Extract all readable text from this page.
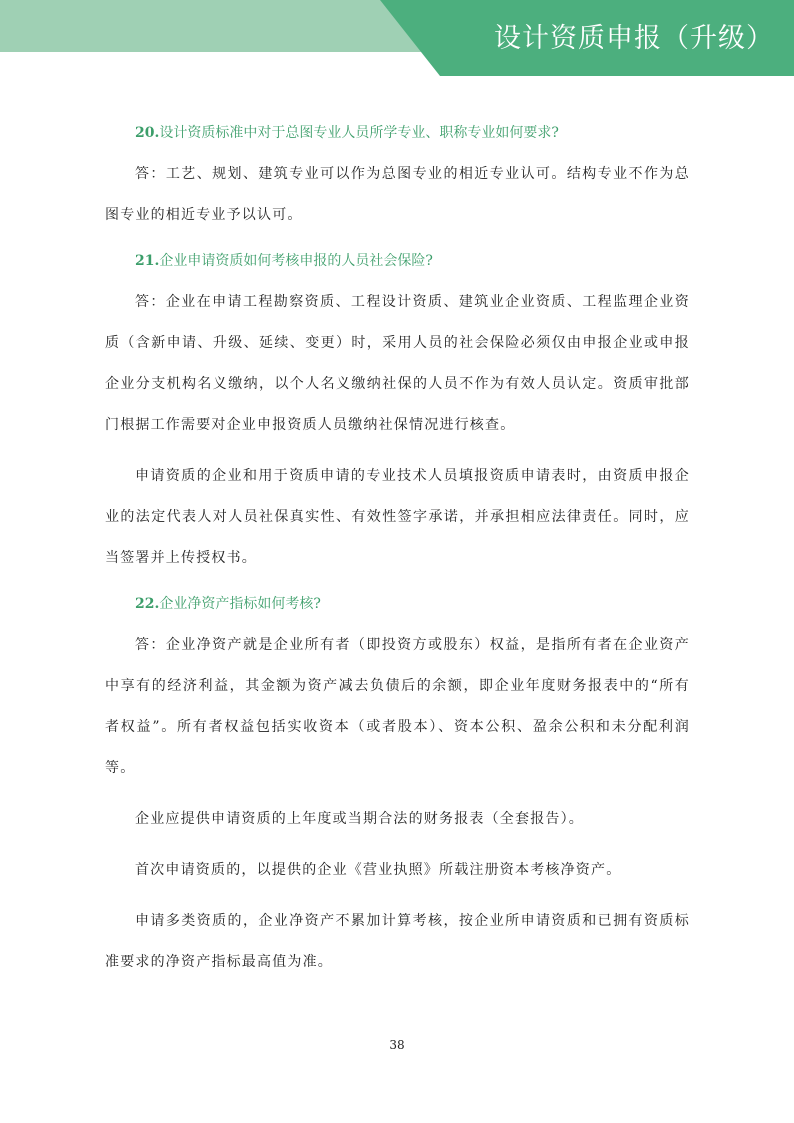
设计资质申报（升级）
20.设计资质标准中对于总图专业人员所学专业、职称专业如何要求?

答：工艺、规划、建筑专业可以作为总图专业的相近专业认可。结构专业不作为总图专业的相近专业予以认可。

21.企业申请资质如何考核申报的人员社会保险?

答：企业在申请工程勘察资质、工程设计资质、建筑业企业资质、工程监理企业资质（含新申请、升级、延续、变更）时，采用人员的社会保险必须仅由申报企业或申报企业分支机构名义缴纳，以个人名义缴纳社保的人员不作为有效人员认定。资质审批部门根据工作需要对企业申报资质人员缴纳社保情况进行核查。

申请资质的企业和用于资质申请的专业技术人员填报资质申请表时，由资质申报企业的法定代表人对人员社保真实性、有效性签字承诺，并承担相应法律责任。同时，应当签署并上传授权书。

22.企业净资产指标如何考核?

答：企业净资产就是企业所有者（即投资方或股东）权益，是指所有者在企业资产中享有的经济利益，其金额为资产减去负债后的余额，即企业年度财务报表中的“所有者权益”。所有者权益包括实收资本（或者股本）、资本公积、盈余公积和未分配利润等。

企业应提供申请资质的上年度或当期合法的财务报表（全套报告）。

首次申请资质的，以提供的企业《营业执照》所载注册资本考核净资产。

申请多类资质的，企业净资产不累加计算考核，按企业所申请资质和已拥有资质标准要求的净资产指标最高值为准。

38
